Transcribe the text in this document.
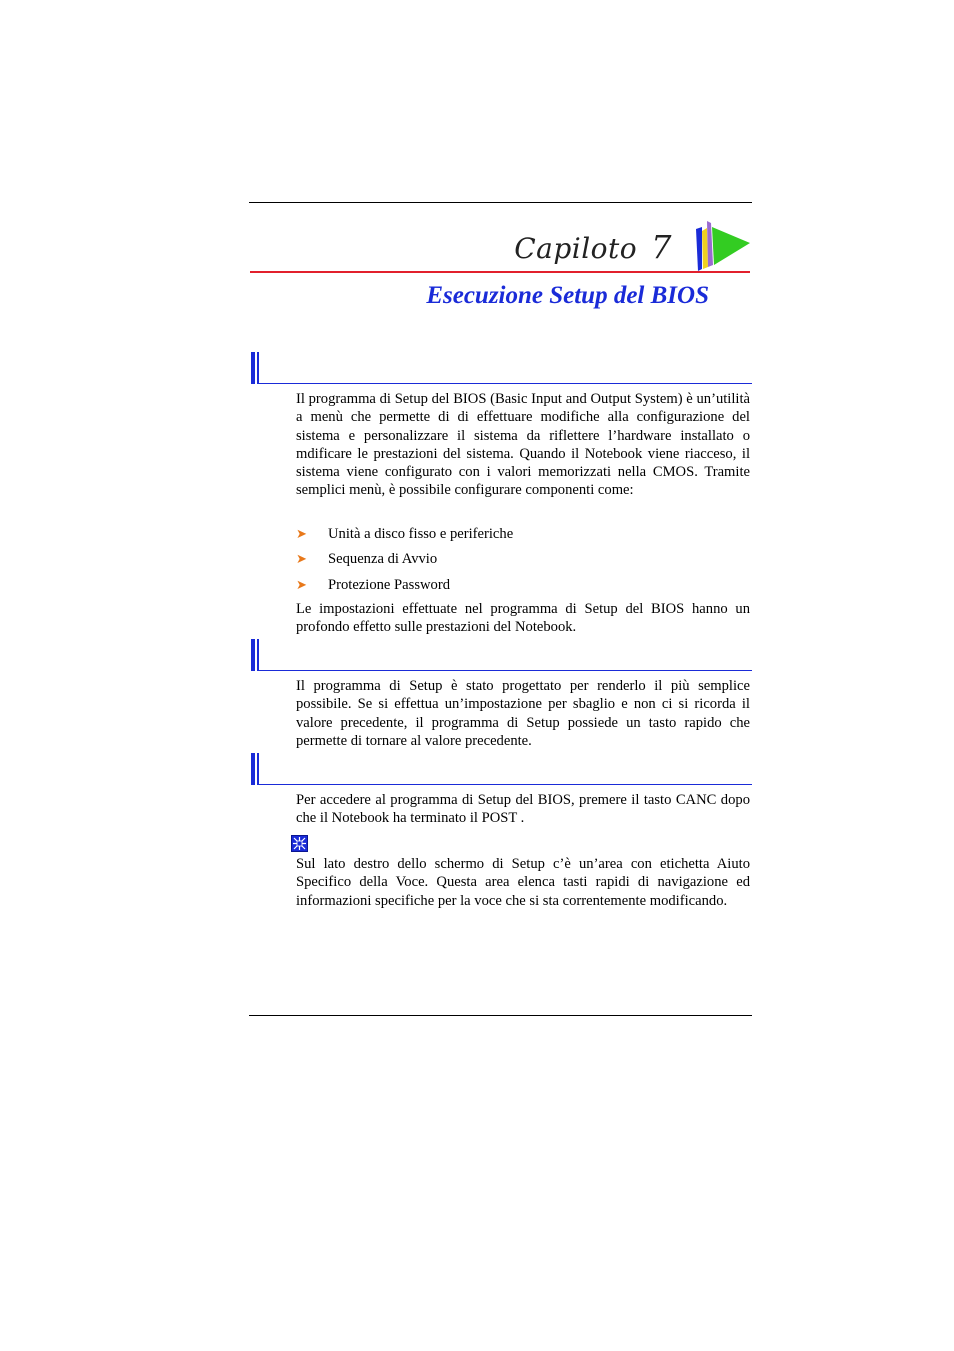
Capiloto 7
Esecuzione Setup del BIOS

Il programma di Setup del BIOS (Basic Input and Output System) è un’utilità a menù che permette di di effettuare modifiche alla configurazione del sistema e personalizzare il sistema da riflettere l’hardware installato o mdificare le prestazioni del sistema. Quando il Notebook viene riacceso, il sistema viene configurato con i valori memorizzati nella CMOS. Tramite semplici menù, è possibile configurare componenti come:

➤ Unità a disco fisso e periferiche
➤ Sequenza di Avvio
➤ Protezione Password

Le impostazioni effettuate nel programma di Setup del BIOS hanno un profondo effetto sulle prestazioni del Notebook.

Il programma di Setup è stato progettato per renderlo il più semplice possibile. Se si effettua un’impostazione per sbaglio e non ci si ricorda il valore precedente, il programma di Setup possiede un tasto rapido che permette di tornare al valore precedente.

Per accedere al programma di Setup del BIOS, premere il tasto CANC dopo che il Notebook ha terminato il POST .

Sul lato destro dello schermo di Setup c’è un’area con etichetta Aiuto Specifico della Voce. Questa area elenca tasti rapidi di navigazione ed informazioni specifiche per la voce che si sta correntemente modificando.
